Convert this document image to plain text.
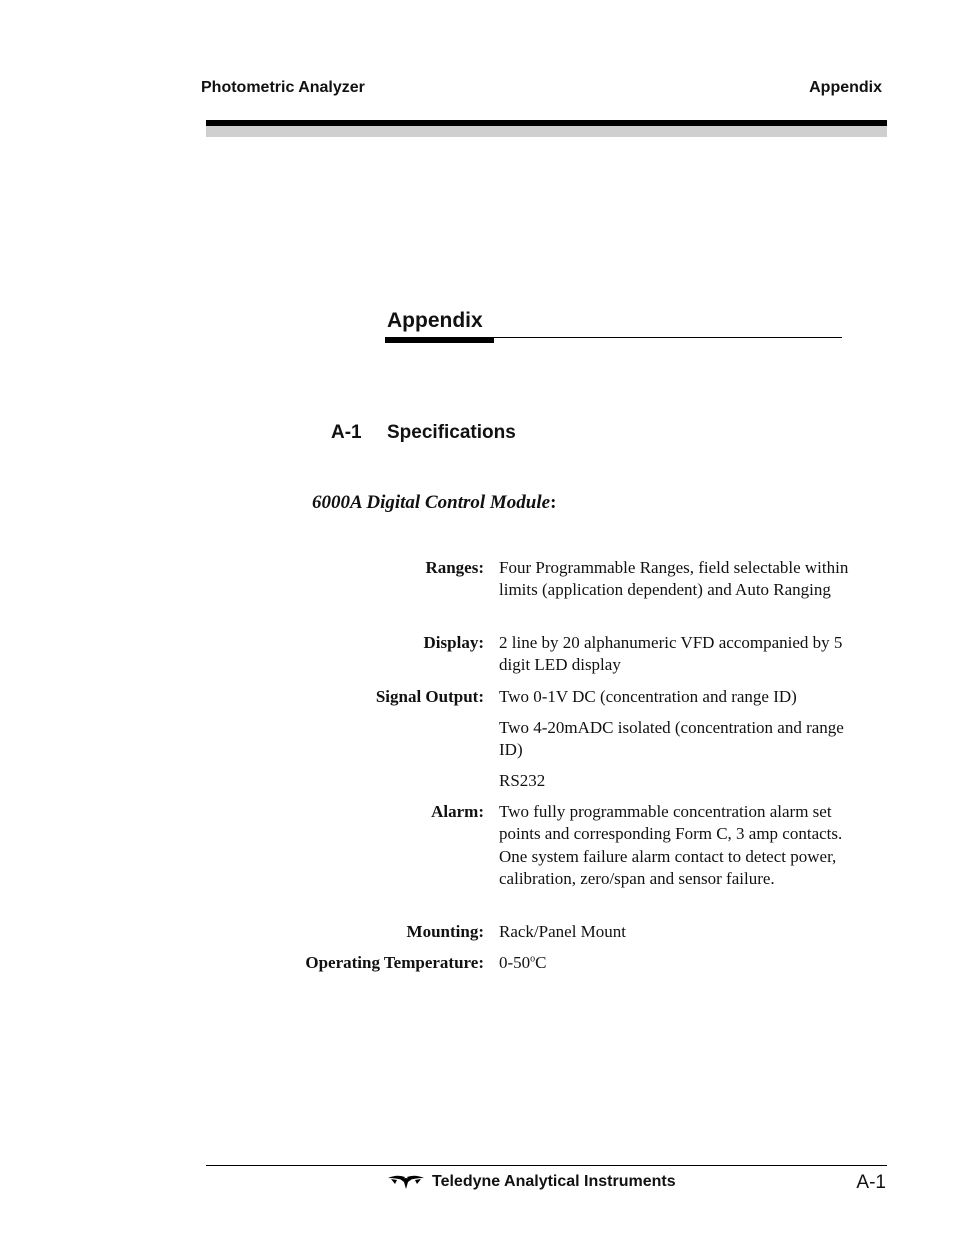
Photometric Analyzer	Appendix
Appendix
A-1 Specifications
6000A Digital Control Module:
Ranges: Four Programmable Ranges, field selectable within limits (application dependent) and Auto Ranging
Display: 2 line by 20 alphanumeric VFD accompanied by 5 digit LED display
Signal Output: Two 0-1V DC (concentration and range ID)
Two 4-20mADC isolated (concentration and range ID)
RS232
Alarm: Two fully programmable concentration alarm set points and corresponding Form C, 3 amp contacts. One system failure alarm contact to detect power, calibration, zero/span and sensor failure.
Mounting: Rack/Panel Mount
Operating Temperature: 0-50$^o$C
Teledyne Analytical Instruments	A-1
